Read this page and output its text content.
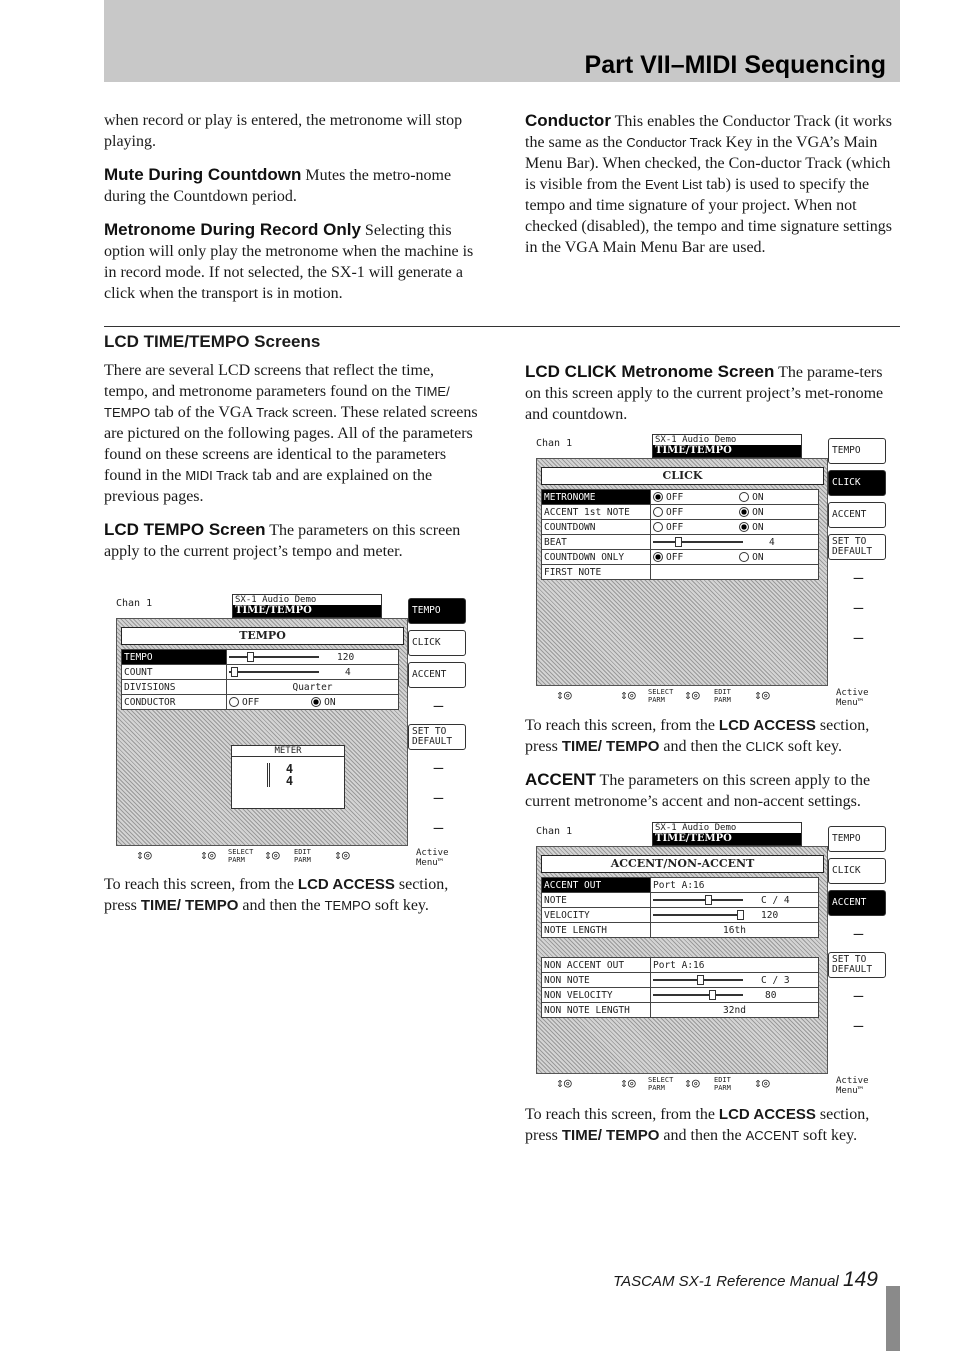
Part VII–MIDI Sequencing

when record or play is entered, the metronome will stop playing.

Mute During Countdown Mutes the metro-nome during the Countdown period.

Metronome During Record Only Selecting this option will only play the metronome when the machine is in record mode. If not selected, the SX-1 will generate a click when the transport is in motion.

Conductor This enables the Conductor Track (it works the same as the Conductor Track Key in the VGA’s Main Menu Bar). When checked, the Con-ductor Track (which is visible from the Event List tab) is used to specify the tempo and time signature of your project. When not checked (disabled), the tempo and time signature settings in the VGA Main Menu Bar are used.

LCD TIME/TEMPO Screens

There are several LCD screens that reflect the time, tempo, and metronome parameters found on the TIME/ TEMPO tab of the VGA Track screen. These related screens are pictured on the following pages. All of the parameters found on these screens are identical to the parameters found in the MIDI Track tab and are explained on the previous pages.

LCD TEMPO Screen The parameters on this screen apply to the current project’s tempo and meter.

Chan 1	SX-1 Audio Demo
TIME/TEMPO
TEMPO
TEMPO	120
COUNT	4
DIVISIONS	Quarter
CONDUCTOR	OFF ON
METER
4
4
TEMPO
CLICK
ACCENT
—
SET TO DEFAULT
—
—
—
⇕◎	⇕◎ SELECT PARM	⇕◎ EDIT PARM ⇕◎	Active Menu™

To reach this screen, from the LCD ACCESS section, press TIME/ TEMPO and then the TEMPO soft key.

LCD CLICK Metronome Screen The parame-ters on this screen apply to the current project’s met-ronome and countdown.

Chan 1	SX-1 Audio Demo
TIME/TEMPO
CLICK
METRONOME	OFF ON
ACCENT 1st NOTE	OFF ON
COUNTDOWN	OFF ON
BEAT	4
COUNTDOWN ONLY	OFF ON
FIRST NOTE	
TEMPO
CLICK
ACCENT
SET TO DEFAULT
—
—
—
⇕◎	⇕◎ SELECT PARM	⇕◎ EDIT PARM ⇕◎	Active Menu™

To reach this screen, from the LCD ACCESS section, press TIME/ TEMPO and then the CLICK soft key.

ACCENT The parameters on this screen apply to the current metronome’s accent and non-accent settings.

Chan 1	SX-1 Audio Demo
TIME/TEMPO
ACCENT/NON-ACCENT
ACCENT OUT	Port A:16
NOTE	C / 4
VELOCITY	120
NOTE LENGTH	16th
NON ACCENT OUT	Port A:16
NON NOTE	C / 3
NON VELOCITY	80
NON NOTE LENGTH	32nd
TEMPO
CLICK
ACCENT
—
SET TO DEFAULT
—
—
⇕◎	⇕◎ SELECT PARM	⇕◎ EDIT PARM ⇕◎	Active Menu™

To reach this screen, from the LCD ACCESS section, press TIME/ TEMPO and then the ACCENT soft key.

TASCAM SX-1 Reference Manual 149
